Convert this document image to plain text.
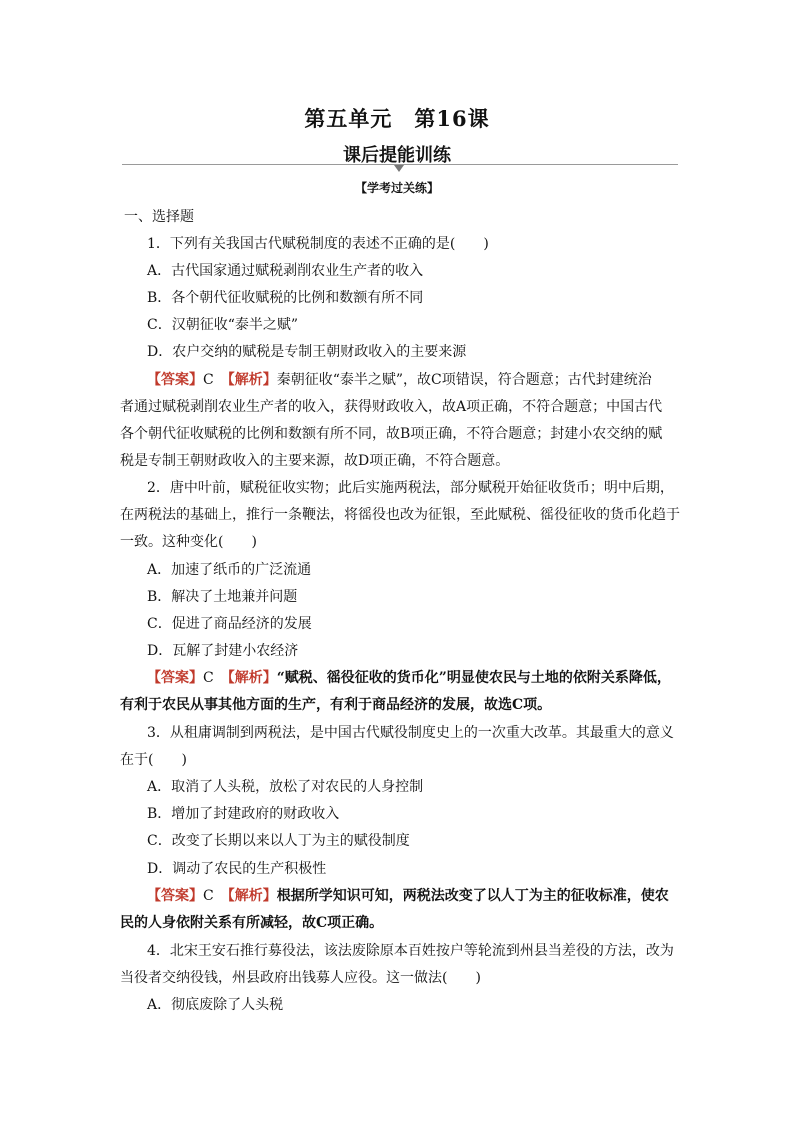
第五单元　第16课
课后提能训练
【学考过关练】
一、选择题
1．下列有关我国古代赋税制度的表述不正确的是(　　)
A．古代国家通过赋税剥削农业生产者的收入
B．各个朝代征收赋税的比例和数额有所不同
C．汉朝征收“泰半之赋”
D．农户交纳的赋税是专制王朝财政收入的主要来源
【答案】C　 【解析】秦朝征收“泰半之赋”，故C项错误，符合题意；古代封建统治
者通过赋税剥削农业生产者的收入，获得财政收入，故A项正确，不符合题意；中国古代
各个朝代征收赋税的比例和数额有所不同，故B项正确，不符合题意；封建小农交纳的赋
税是专制王朝财政收入的主要来源，故D项正确，不符合题意。
2．唐中叶前，赋税征收实物；此后实施两税法，部分赋税开始征收货币；明中后期，
在两税法的基础上，推行一条鞭法，将徭役也改为征银，至此赋税、徭役征收的货币化趋于
一致。这种变化(　　)
A．加速了纸币的广泛流通
B．解决了土地兼并问题
C．促进了商品经济的发展
D．瓦解了封建小农经济
【答案】C　 【解析】“赋税、徭役征收的货币化”明显使农民与土地的依附关系降低，
有利于农民从事其他方面的生产，有利于商品经济的发展，故选C项。
3．从租庸调制到两税法，是中国古代赋役制度史上的一次重大改革。其最重大的意义
在于(　　)
A．取消了人头税，放松了对农民的人身控制
B．增加了封建政府的财政收入
C．改变了长期以来以人丁为主的赋役制度
D．调动了农民的生产积极性
【答案】C　 【解析】根据所学知识可知，两税法改变了以人丁为主的征收标准，使农
民的人身依附关系有所减轻，故C项正确。
4．北宋王安石推行募役法，该法废除原本百姓按户等轮流到州县当差役的方法，改为
当役者交纳役钱，州县政府出钱募人应役。这一做法(　　)
A．彻底废除了人头税
